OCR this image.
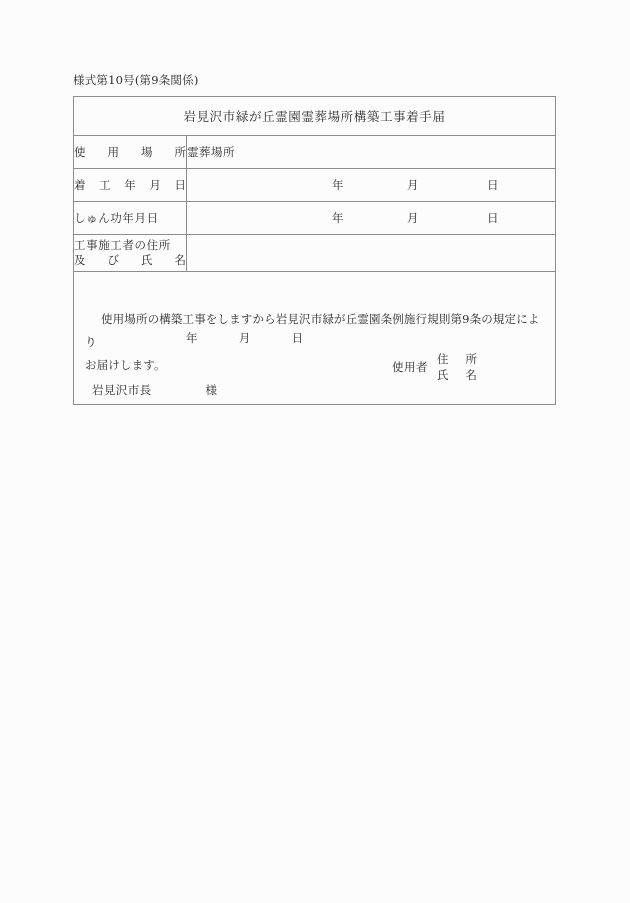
様式第10号(第9条関係)
岩見沢市緑が丘霊園霊葬場所構築工事着手届	

使 用 場 所	霊葬場所

着 工 年 月 日	年 月 日

しゅん功年月日	年 月 日

工事施工者の住所
及 び 氏 名	

使用場所の構築工事をしますから岩見沢市緑が丘霊園条例施行規則第9条の規定により
お届けします。
年	月	日
使用者
住 所
氏 名
岩見沢市長	様
